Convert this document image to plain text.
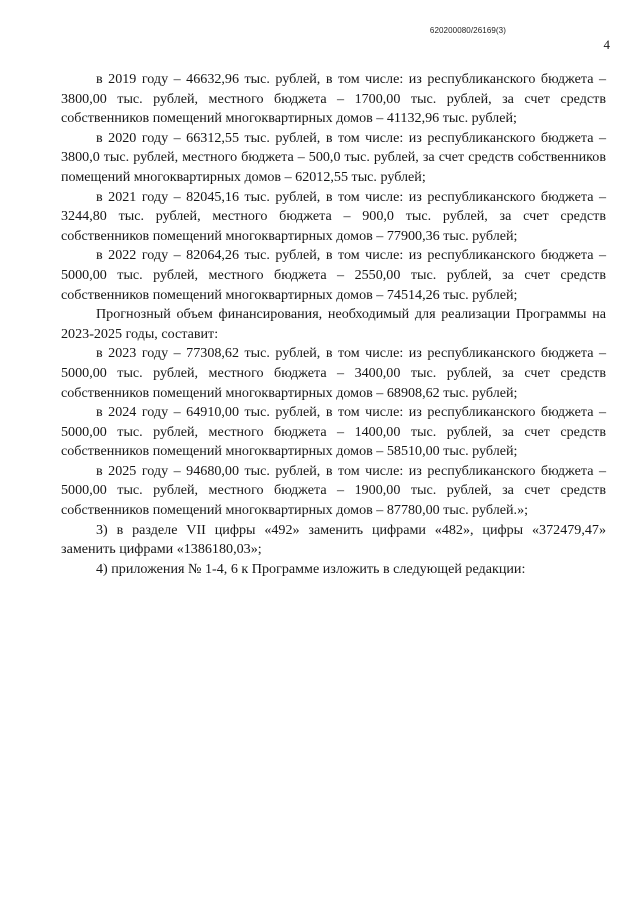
620200080/26169(3)
4

в 2019 году – 46632,96 тыс. рублей, в том числе: из республиканского бюджета – 3800,00 тыс. рублей, местного бюджета – 1700,00 тыс. рублей, за счет средств собственников помещений многоквартирных домов – 41132,96 тыс. рублей;

в 2020 году – 66312,55 тыс. рублей, в том числе: из республиканского бюджета – 3800,0 тыс. рублей, местного бюджета – 500,0 тыс. рублей, за счет средств собственников помещений многоквартирных домов – 62012,55 тыс. рублей;

в 2021 году – 82045,16 тыс. рублей, в том числе: из республиканского бюджета – 3244,80 тыс. рублей, местного бюджета – 900,0 тыс. рублей, за счет средств собственников помещений многоквартирных домов – 77900,36 тыс. рублей;

в 2022 году – 82064,26 тыс. рублей, в том числе: из республиканского бюджета – 5000,00 тыс. рублей, местного бюджета – 2550,00 тыс. рублей, за счет средств собственников помещений многоквартирных домов – 74514,26 тыс. рублей;

Прогнозный объем финансирования, необходимый для реализации Программы на 2023-2025 годы, составит:

в 2023 году – 77308,62 тыс. рублей, в том числе: из республиканского бюджета – 5000,00 тыс. рублей, местного бюджета – 3400,00 тыс. рублей, за счет средств собственников помещений многоквартирных домов – 68908,62 тыс. рублей;

в 2024 году – 64910,00 тыс. рублей, в том числе: из республиканского бюджета – 5000,00 тыс. рублей, местного бюджета – 1400,00 тыс. рублей, за счет средств собственников помещений многоквартирных домов – 58510,00 тыс. рублей;

в 2025 году – 94680,00 тыс. рублей, в том числе: из республиканского бюджета – 5000,00 тыс. рублей, местного бюджета – 1900,00 тыс. рублей, за счет средств собственников помещений многоквартирных домов – 87780,00 тыс. рублей.»;

3) в разделе VII цифры «492» заменить цифрами «482», цифры «372479,47» заменить цифрами «1386180,03»;

4) приложения № 1-4, 6 к Программе изложить в следующей редакции:
